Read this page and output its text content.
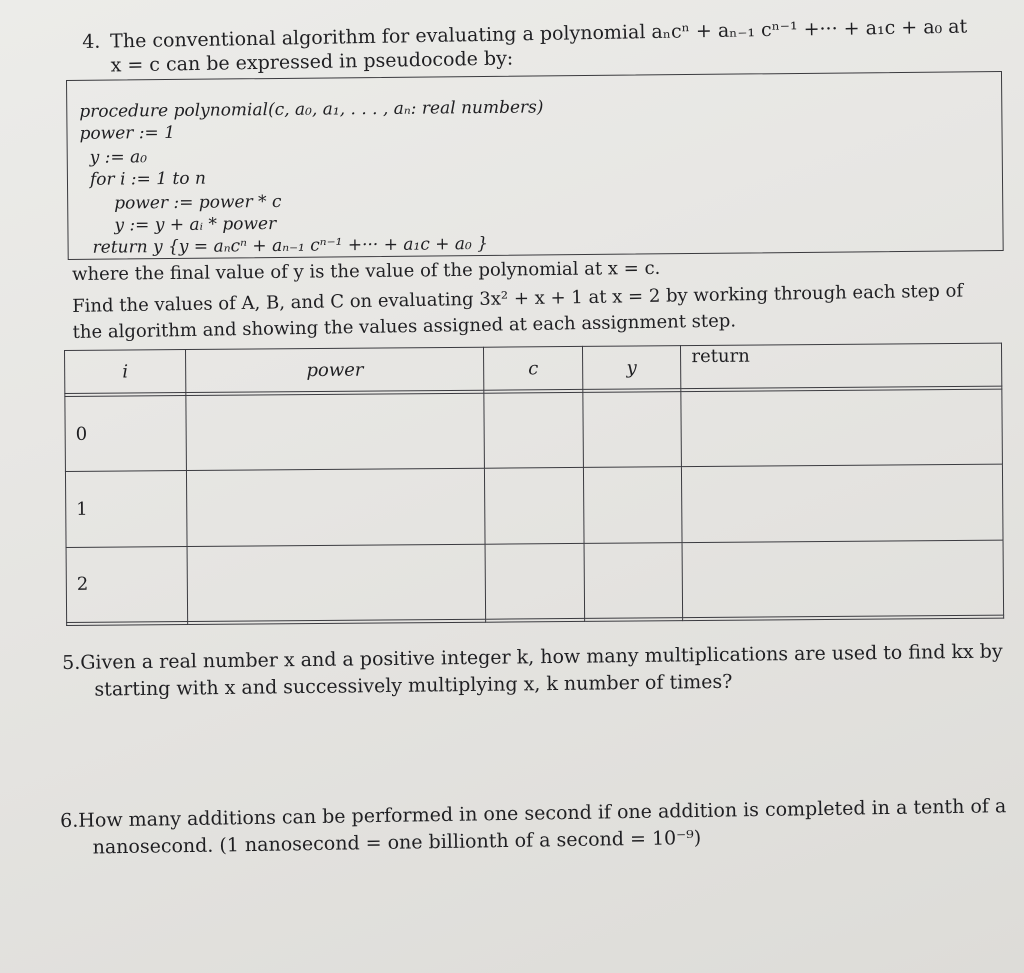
4. The conventional algorithm for evaluating a polynomial aₙcⁿ + aₙ₋₁ cⁿ⁻¹ +··· + a₁c + a₀ at
x = c can be expressed in pseudocode by:
procedure polynomial(c, a₀, a₁, . . . , aₙ: real numbers)
power := 1
y := a₀
for i := 1 to n
power := power * c
y := y + aᵢ * power
return y {y = aₙcⁿ + aₙ₋₁ cⁿ⁻¹ +··· + a₁c + a₀ }
where the final value of y is the value of the polynomial at x = c.
Find the values of A, B, and C on evaluating 3x² + x + 1 at x = 2 by working through each step of
the algorithm and showing the values assigned at each assignment step.
i	power	c	y	return

0				
1				
2				

5.Given a real number x and a positive integer k, how many multiplications are used to find kx by
starting with x and successively multiplying x, k number of times?
6.How many additions can be performed in one second if one addition is completed in a tenth of a
nanosecond. (1 nanosecond = one billionth of a second = 10⁻⁹)
